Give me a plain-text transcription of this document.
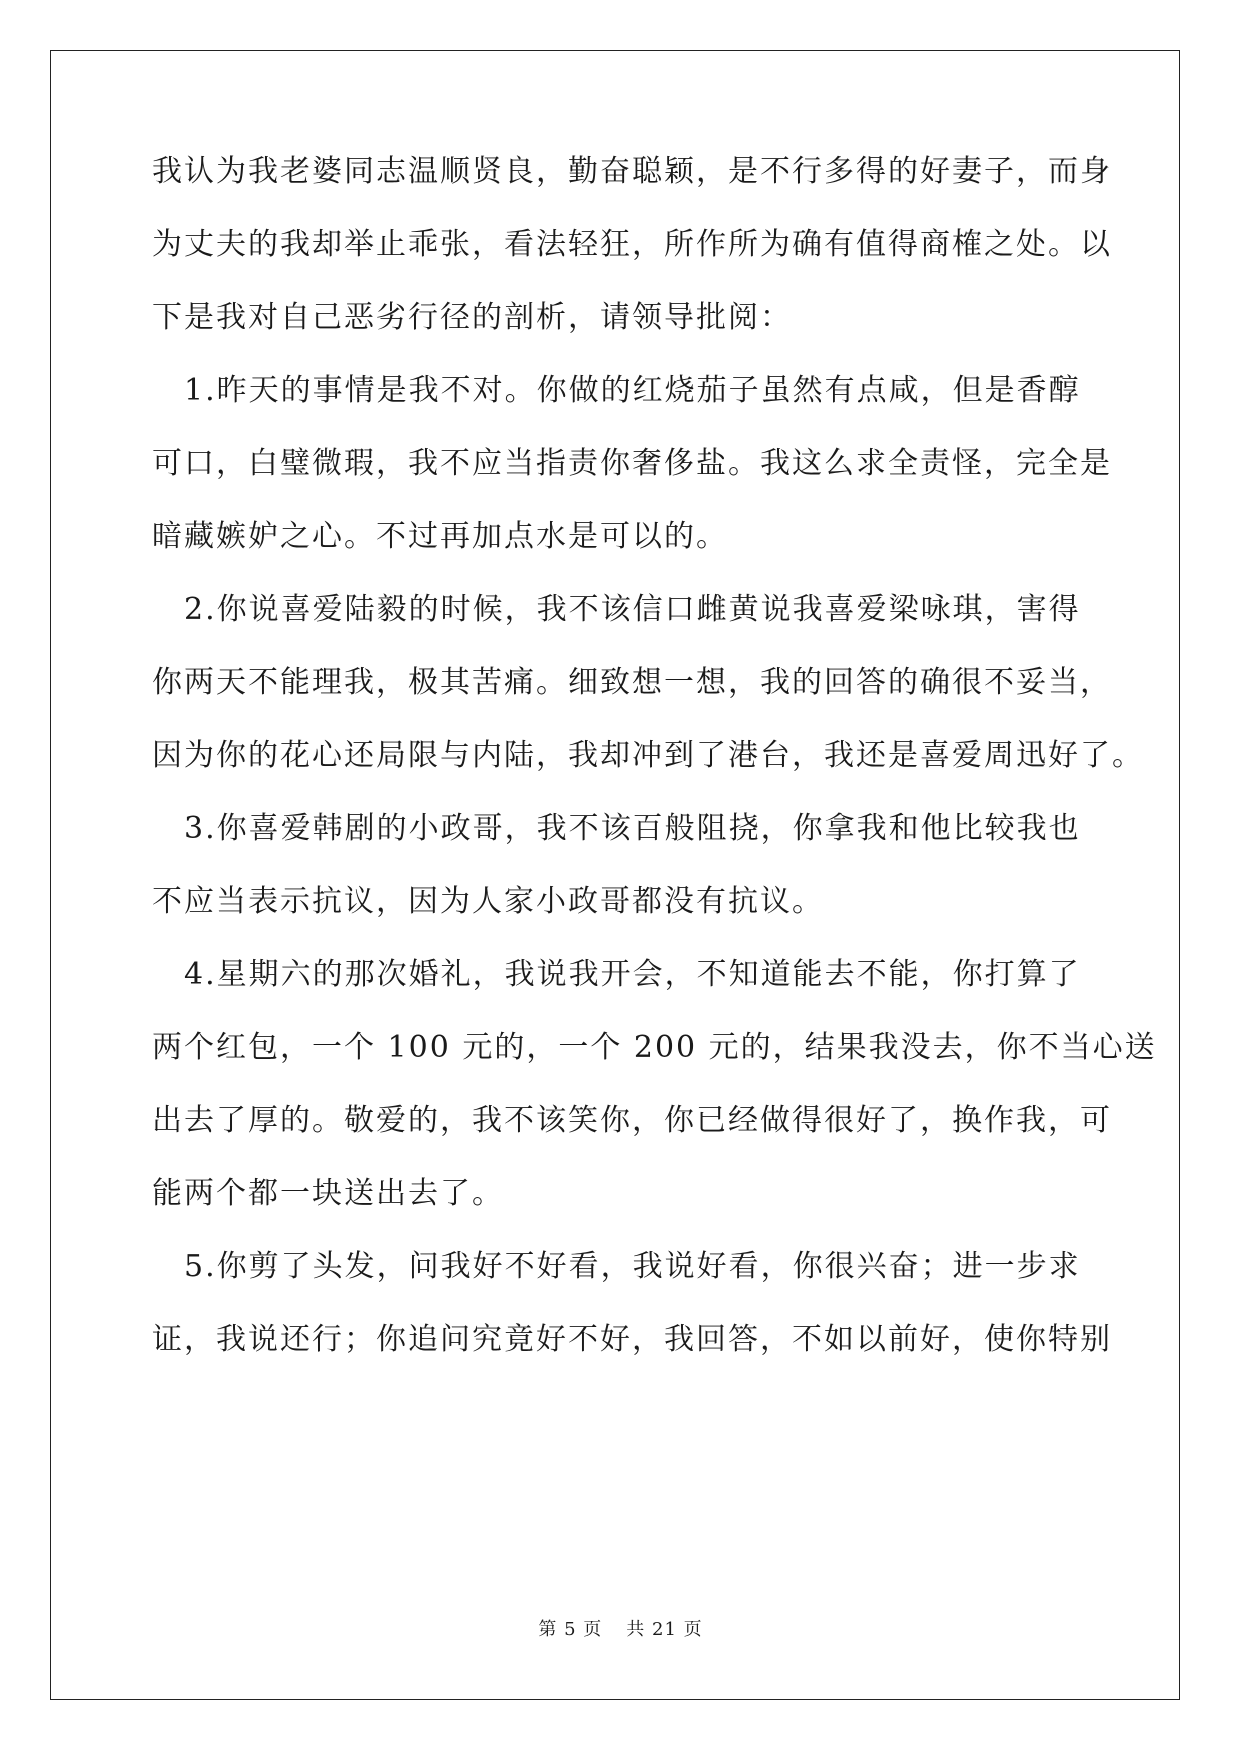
我认为我老婆同志温顺贤良，勤奋聪颖，是不行多得的好妻子，而身
为丈夫的我却举止乖张，看法轻狂，所作所为确有值得商榷之处。以
下是我对自己恶劣行径的剖析，请领导批阅：
　1.昨天的事情是我不对。你做的红烧茄子虽然有点咸，但是香醇
可口，白璧微瑕，我不应当指责你奢侈盐。我这么求全责怪，完全是
暗藏嫉妒之心。不过再加点水是可以的。
　2.你说喜爱陆毅的时候，我不该信口雌黄说我喜爱梁咏琪，害得
你两天不能理我，极其苦痛。细致想一想，我的回答的确很不妥当，
因为你的花心还局限与内陆，我却冲到了港台，我还是喜爱周迅好了。
　3.你喜爱韩剧的小政哥，我不该百般阻挠，你拿我和他比较我也
不应当表示抗议，因为人家小政哥都没有抗议。
　4.星期六的那次婚礼，我说我开会，不知道能去不能，你打算了
两个红包，一个 100 元的，一个 200 元的，结果我没去，你不当心送
出去了厚的。敬爱的，我不该笑你，你已经做得很好了，换作我，可
能两个都一块送出去了。
　5.你剪了头发，问我好不好看，我说好看，你很兴奋；进一步求
证，我说还行；你追问究竟好不好，我回答，不如以前好，使你特别
第 5 页 共 21 页
